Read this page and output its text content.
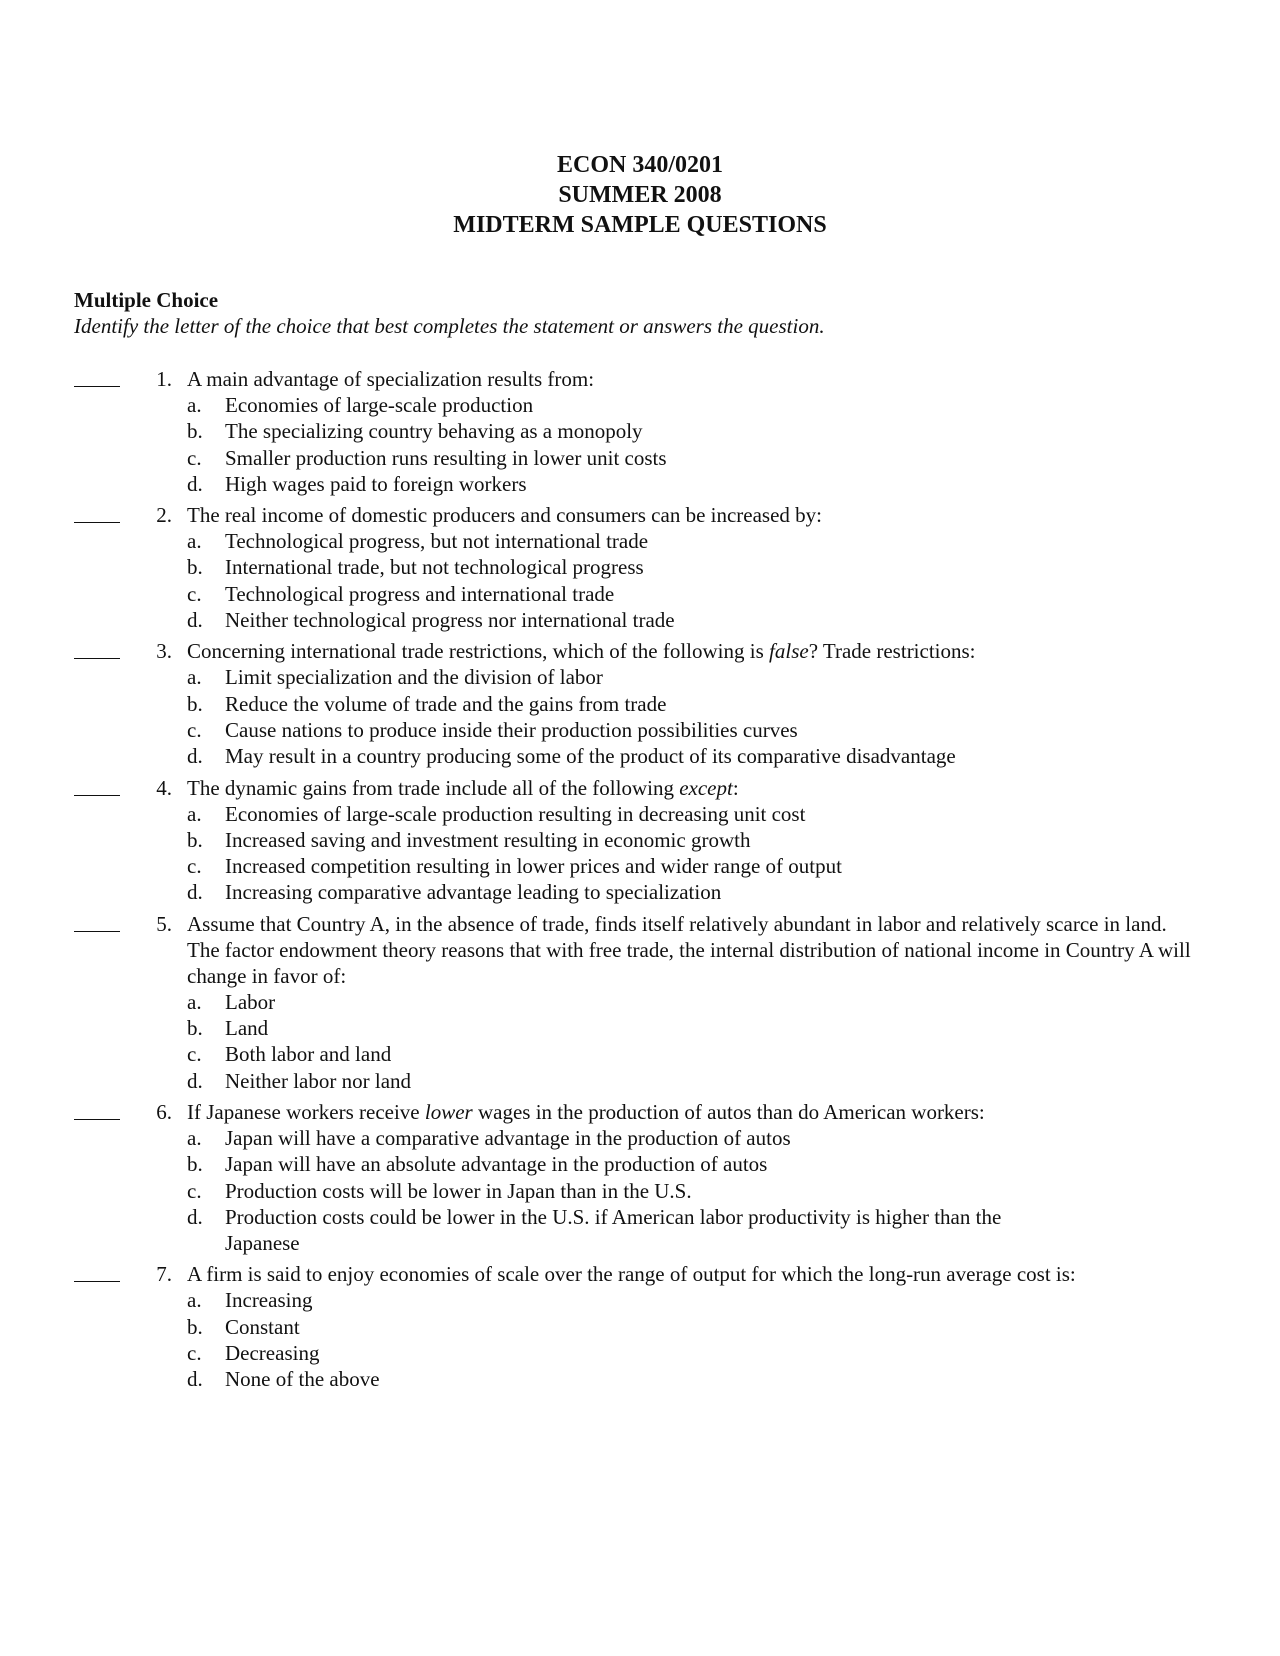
ECON 340/0201
SUMMER 2008
MIDTERM SAMPLE QUESTIONS
Multiple Choice
Identify the letter of the choice that best completes the statement or answers the question.
1. A main advantage of specialization results from:
a. Economies of large-scale production
b. The specializing country behaving as a monopoly
c. Smaller production runs resulting in lower unit costs
d. High wages paid to foreign workers
2. The real income of domestic producers and consumers can be increased by:
a. Technological progress, but not international trade
b. International trade, but not technological progress
c. Technological progress and international trade
d. Neither technological progress nor international trade
3. Concerning international trade restrictions, which of the following is false? Trade restrictions:
a. Limit specialization and the division of labor
b. Reduce the volume of trade and the gains from trade
c. Cause nations to produce inside their production possibilities curves
d. May result in a country producing some of the product of its comparative disadvantage
4. The dynamic gains from trade include all of the following except:
a. Economies of large-scale production resulting in decreasing unit cost
b. Increased saving and investment resulting in economic growth
c. Increased competition resulting in lower prices and wider range of output
d. Increasing comparative advantage leading to specialization
5. Assume that Country A, in the absence of trade, finds itself relatively abundant in labor and relatively scarce in land. The factor endowment theory reasons that with free trade, the internal distribution of national income in Country A will change in favor of:
a. Labor
b. Land
c. Both labor and land
d. Neither labor nor land
6. If Japanese workers receive lower wages in the production of autos than do American workers:
a. Japan will have a comparative advantage in the production of autos
b. Japan will have an absolute advantage in the production of autos
c. Production costs will be lower in Japan than in the U.S.
d. Production costs could be lower in the U.S. if American labor productivity is higher than the Japanese
7. A firm is said to enjoy economies of scale over the range of output for which the long-run average cost is:
a. Increasing
b. Constant
c. Decreasing
d. None of the above
